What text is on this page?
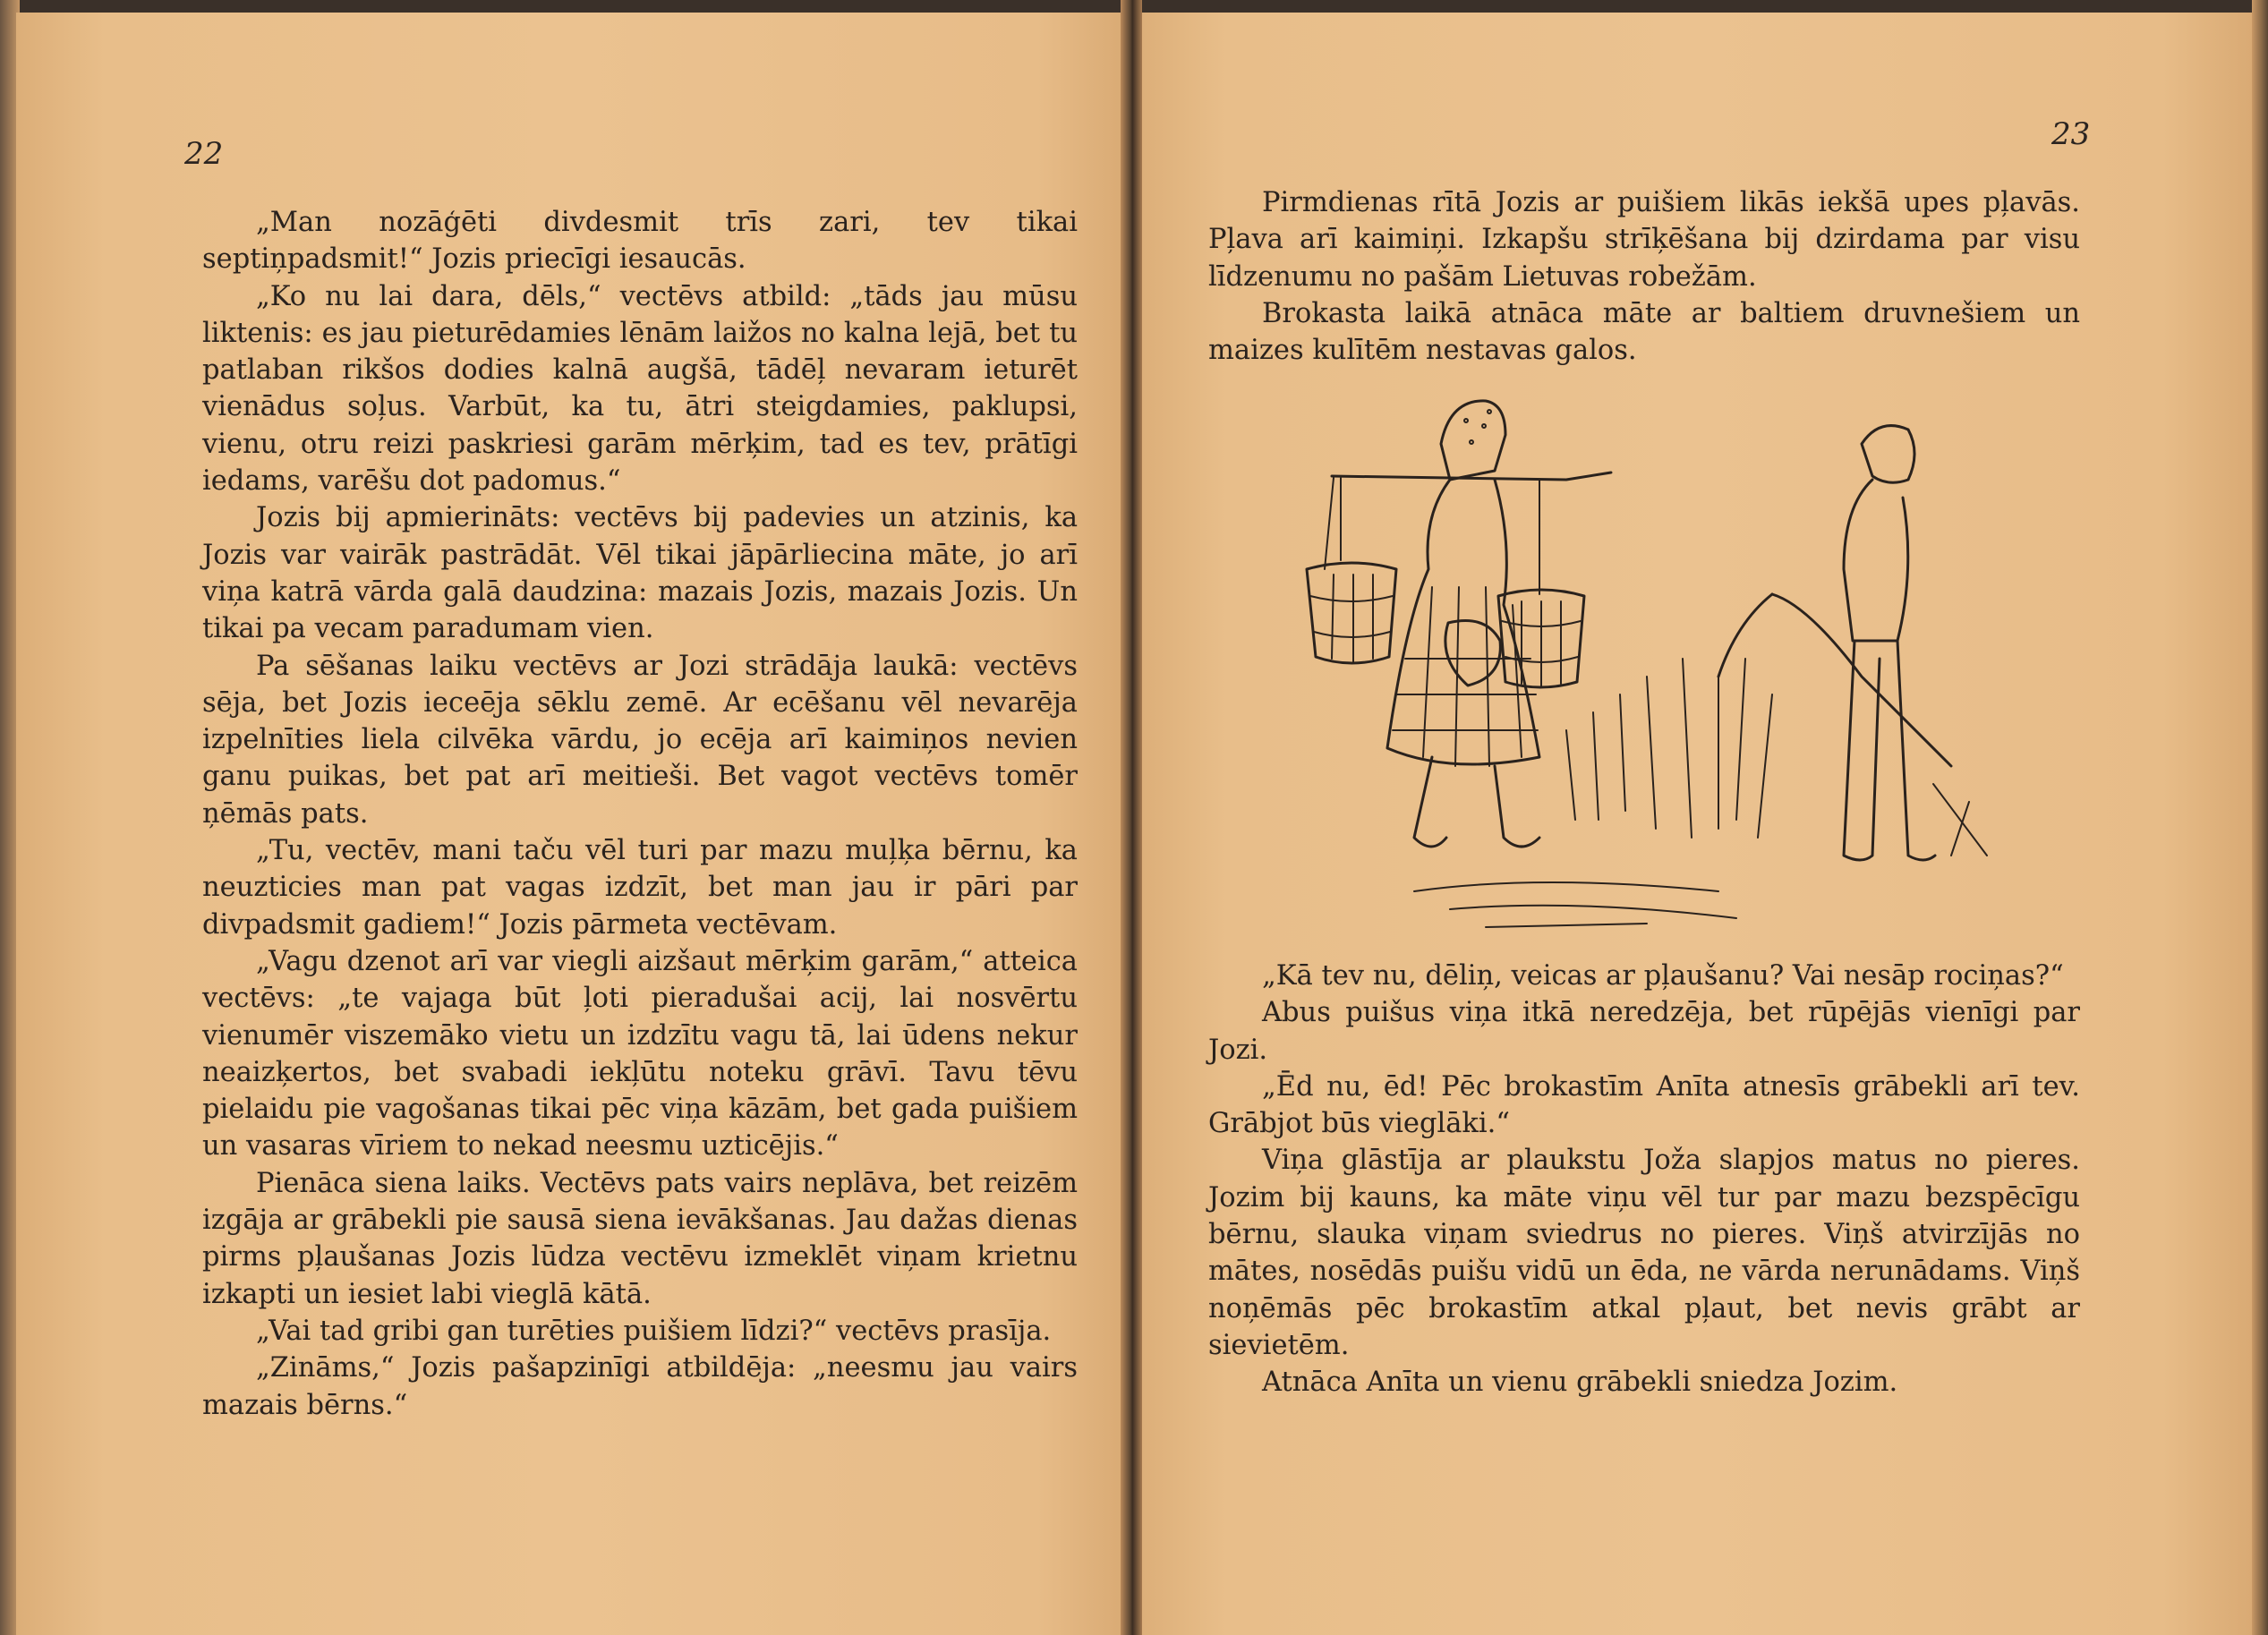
22
23

„Man nozāģēti divdesmit trīs zari, tev tikai septiņpadsmit!“ Jozis priecīgi iesaucās.

„Ko nu lai dara, dēls,“ vectēvs atbild: „tāds jau mūsu liktenis: es jau pieturēdamies lēnām laižos no kalna lejā, bet tu patlaban rikšos dodies kalnā augšā, tādēļ nevaram ieturēt vienādus soļus. Varbūt, ka tu, ātri steigdamies, paklupsi, vienu, otru reizi paskriesi garām mērķim, tad es tev, prātīgi iedams, varēšu dot padomus.“

Jozis bij apmierināts: vectēvs bij padevies un atzinis, ka Jozis var vairāk pastrādāt. Vēl tikai jāpārliecina māte, jo arī viņa katrā vārda galā daudzina: mazais Jozis, mazais Jozis. Un tikai pa vecam paradumam vien.

Pa sēšanas laiku vectēvs ar Jozi strādāja laukā: vectēvs sēja, bet Jozis ieceēja sēklu zemē. Ar ecēšanu vēl nevarēja izpelnīties liela cilvēka vārdu, jo ecēja arī kaimiņos nevien ganu puikas, bet pat arī meitieši. Bet vagot vectēvs tomēr ņēmās pats.

„Tu, vectēv, mani taču vēl turi par mazu muļķa bērnu, ka neuzticies man pat vagas izdzīt, bet man jau ir pāri par divpadsmit gadiem!“ Jozis pārmeta vectēvam.

„Vagu dzenot arī var viegli aizšaut mērķim garām,“ atteica vectēvs: „te vajaga būt ļoti pieradušai acij, lai nosvērtu vienumēr viszemāko vietu un izdzītu vagu tā, lai ūdens nekur neaizķertos, bet svabadi iekļūtu noteku grāvī. Tavu tēvu pielaidu pie vagošanas tikai pēc viņa kāzām, bet gada puišiem un vasaras vīriem to nekad neesmu uzticējis.“

Pienāca siena laiks. Vectēvs pats vairs neplāva, bet reizēm izgāja ar grābekli pie sausā siena ievākšanas. Jau dažas dienas pirms pļaušanas Jozis lūdza vectēvu izmeklēt viņam krietnu izkapti un iesiet labi vieglā kātā.

„Vai tad gribi gan turēties puišiem līdzi?“ vectēvs prasīja.

„Zināms,“ Jozis pašapzinīgi atbildēja: „neesmu jau vairs mazais bērns.“

Pirmdienas rītā Jozis ar puišiem likās iekšā upes pļavās. Pļava arī kaimiņi. Izkapšu strīķēšana bij dzirdama par visu līdzenumu no pašām Lietuvas robežām.

Brokasta laikā atnāca māte ar baltiem druvnešiem un maizes kulītēm nestavas galos.

„Kā tev nu, dēliņ, veicas ar pļaušanu? Vai nesāp rociņas?“

Abus puišus viņa itkā neredzēja, bet rūpējās vienīgi par Jozi.

„Ēd nu, ēd! Pēc brokastīm Anīta atnesīs grābekli arī tev. Grābjot būs vieglāki.“

Viņa glāstīja ar plaukstu Joža slapjos matus no pieres. Jozim bij kauns, ka māte viņu vēl tur par mazu bezspēcīgu bērnu, slauka viņam sviedrus no pieres. Viņš atvirzījās no mātes, nosēdās puišu vidū un ēda, ne vārda nerunādams. Viņš noņēmās pēc brokastīm atkal pļaut, bet nevis grābt ar sievietēm.

Atnāca Anīta un vienu grābekli sniedza Jozim.
